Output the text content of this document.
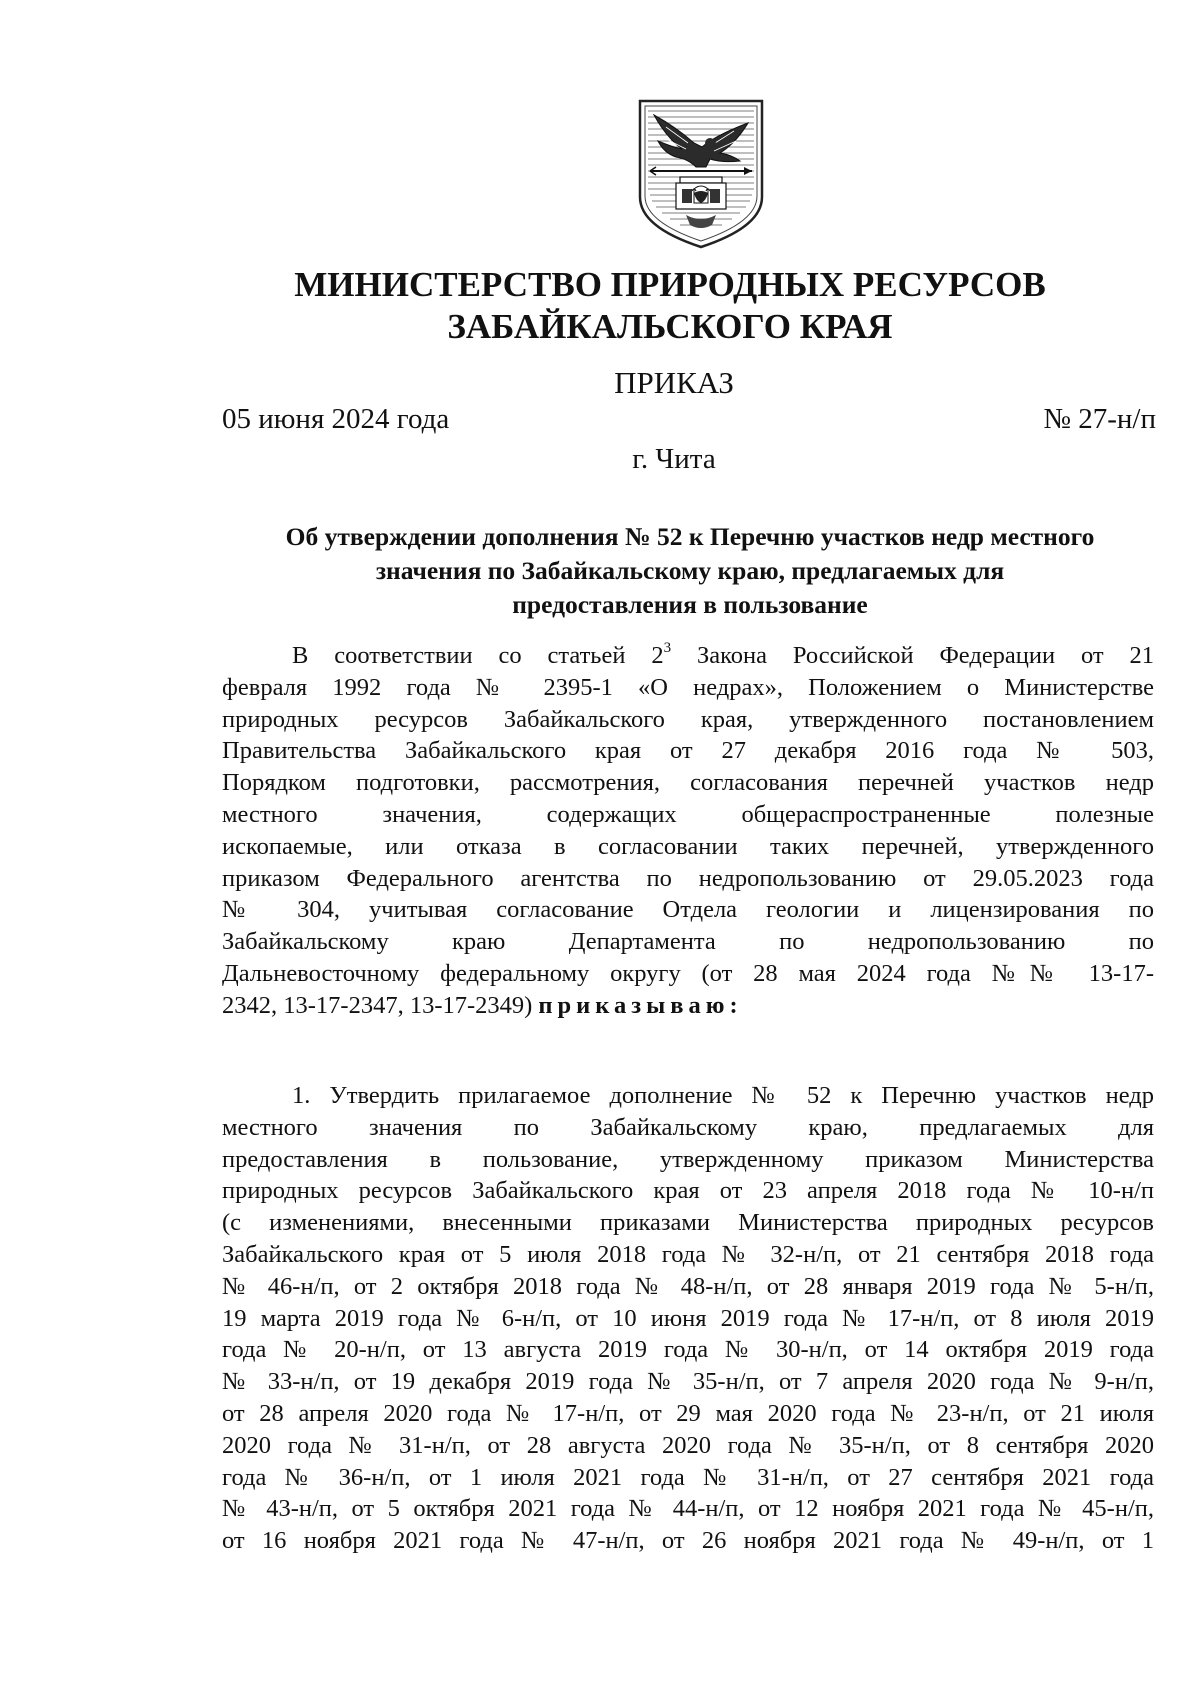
МИНИСТЕРСТВО ПРИРОДНЫХ РЕСУРСОВ
ЗАБАЙКАЛЬСКОГО КРАЯ
ПРИКАЗ
05 июня 2024 года	№ 27-н/п
г. Чита
Об утверждении дополнения № 52 к Перечню участков недр местного
значения по Забайкальскому краю, предлагаемых для
предоставления в пользование
В соответствии со статьей $2^3$ Закона Российской Федерации от 21
февраля 1992 года № 2395-1 «О недрах», Положением о Министерстве
природных ресурсов Забайкальского края, утвержденного постановлением
Правительства Забайкальского края от 27 декабря 2016 года № 503,
Порядком подготовки, рассмотрения, согласования перечней участков недр
местного значения, содержащих общераспространенные полезные
ископаемые, или отказа в согласовании таких перечней, утвержденного
приказом Федерального агентства по недропользованию от 29.05.2023 года
№ 304, учитывая согласование Отдела геологии и лицензирования по
Забайкальскому краю Департамента по недропользованию по
Дальневосточному федеральному округу (от 28 мая 2024 года №№ 13-17-
2342, 13-17-2347, 13-17-2349) приказываю:
1. Утвердить прилагаемое дополнение № 52 к Перечню участков недр
местного значения по Забайкальскому краю, предлагаемых для
предоставления в пользование, утвержденному приказом Министерства
природных ресурсов Забайкальского края от 23 апреля 2018 года № 10-н/п
(с изменениями, внесенными приказами Министерства природных ресурсов
Забайкальского края от 5 июля 2018 года № 32-н/п, от 21 сентября 2018 года
№ 46-н/п, от 2 октября 2018 года № 48-н/п, от 28 января 2019 года № 5-н/п,
19 марта 2019 года № 6-н/п, от 10 июня 2019 года № 17-н/п, от 8 июля 2019
года № 20-н/п, от 13 августа 2019 года № 30-н/п, от 14 октября 2019 года
№ 33-н/п, от 19 декабря 2019 года № 35-н/п, от 7 апреля 2020 года № 9-н/п,
от 28 апреля 2020 года № 17-н/п, от 29 мая 2020 года № 23-н/п, от 21 июля
2020 года № 31-н/п, от 28 августа 2020 года № 35-н/п, от 8 сентября 2020
года № 36-н/п, от 1 июля 2021 года № 31-н/п, от 27 сентября 2021 года
№ 43-н/п, от 5 октября 2021 года № 44-н/п, от 12 ноября 2021 года № 45-н/п,
от 16 ноября 2021 года № 47-н/п, от 26 ноября 2021 года № 49-н/п, от 1
